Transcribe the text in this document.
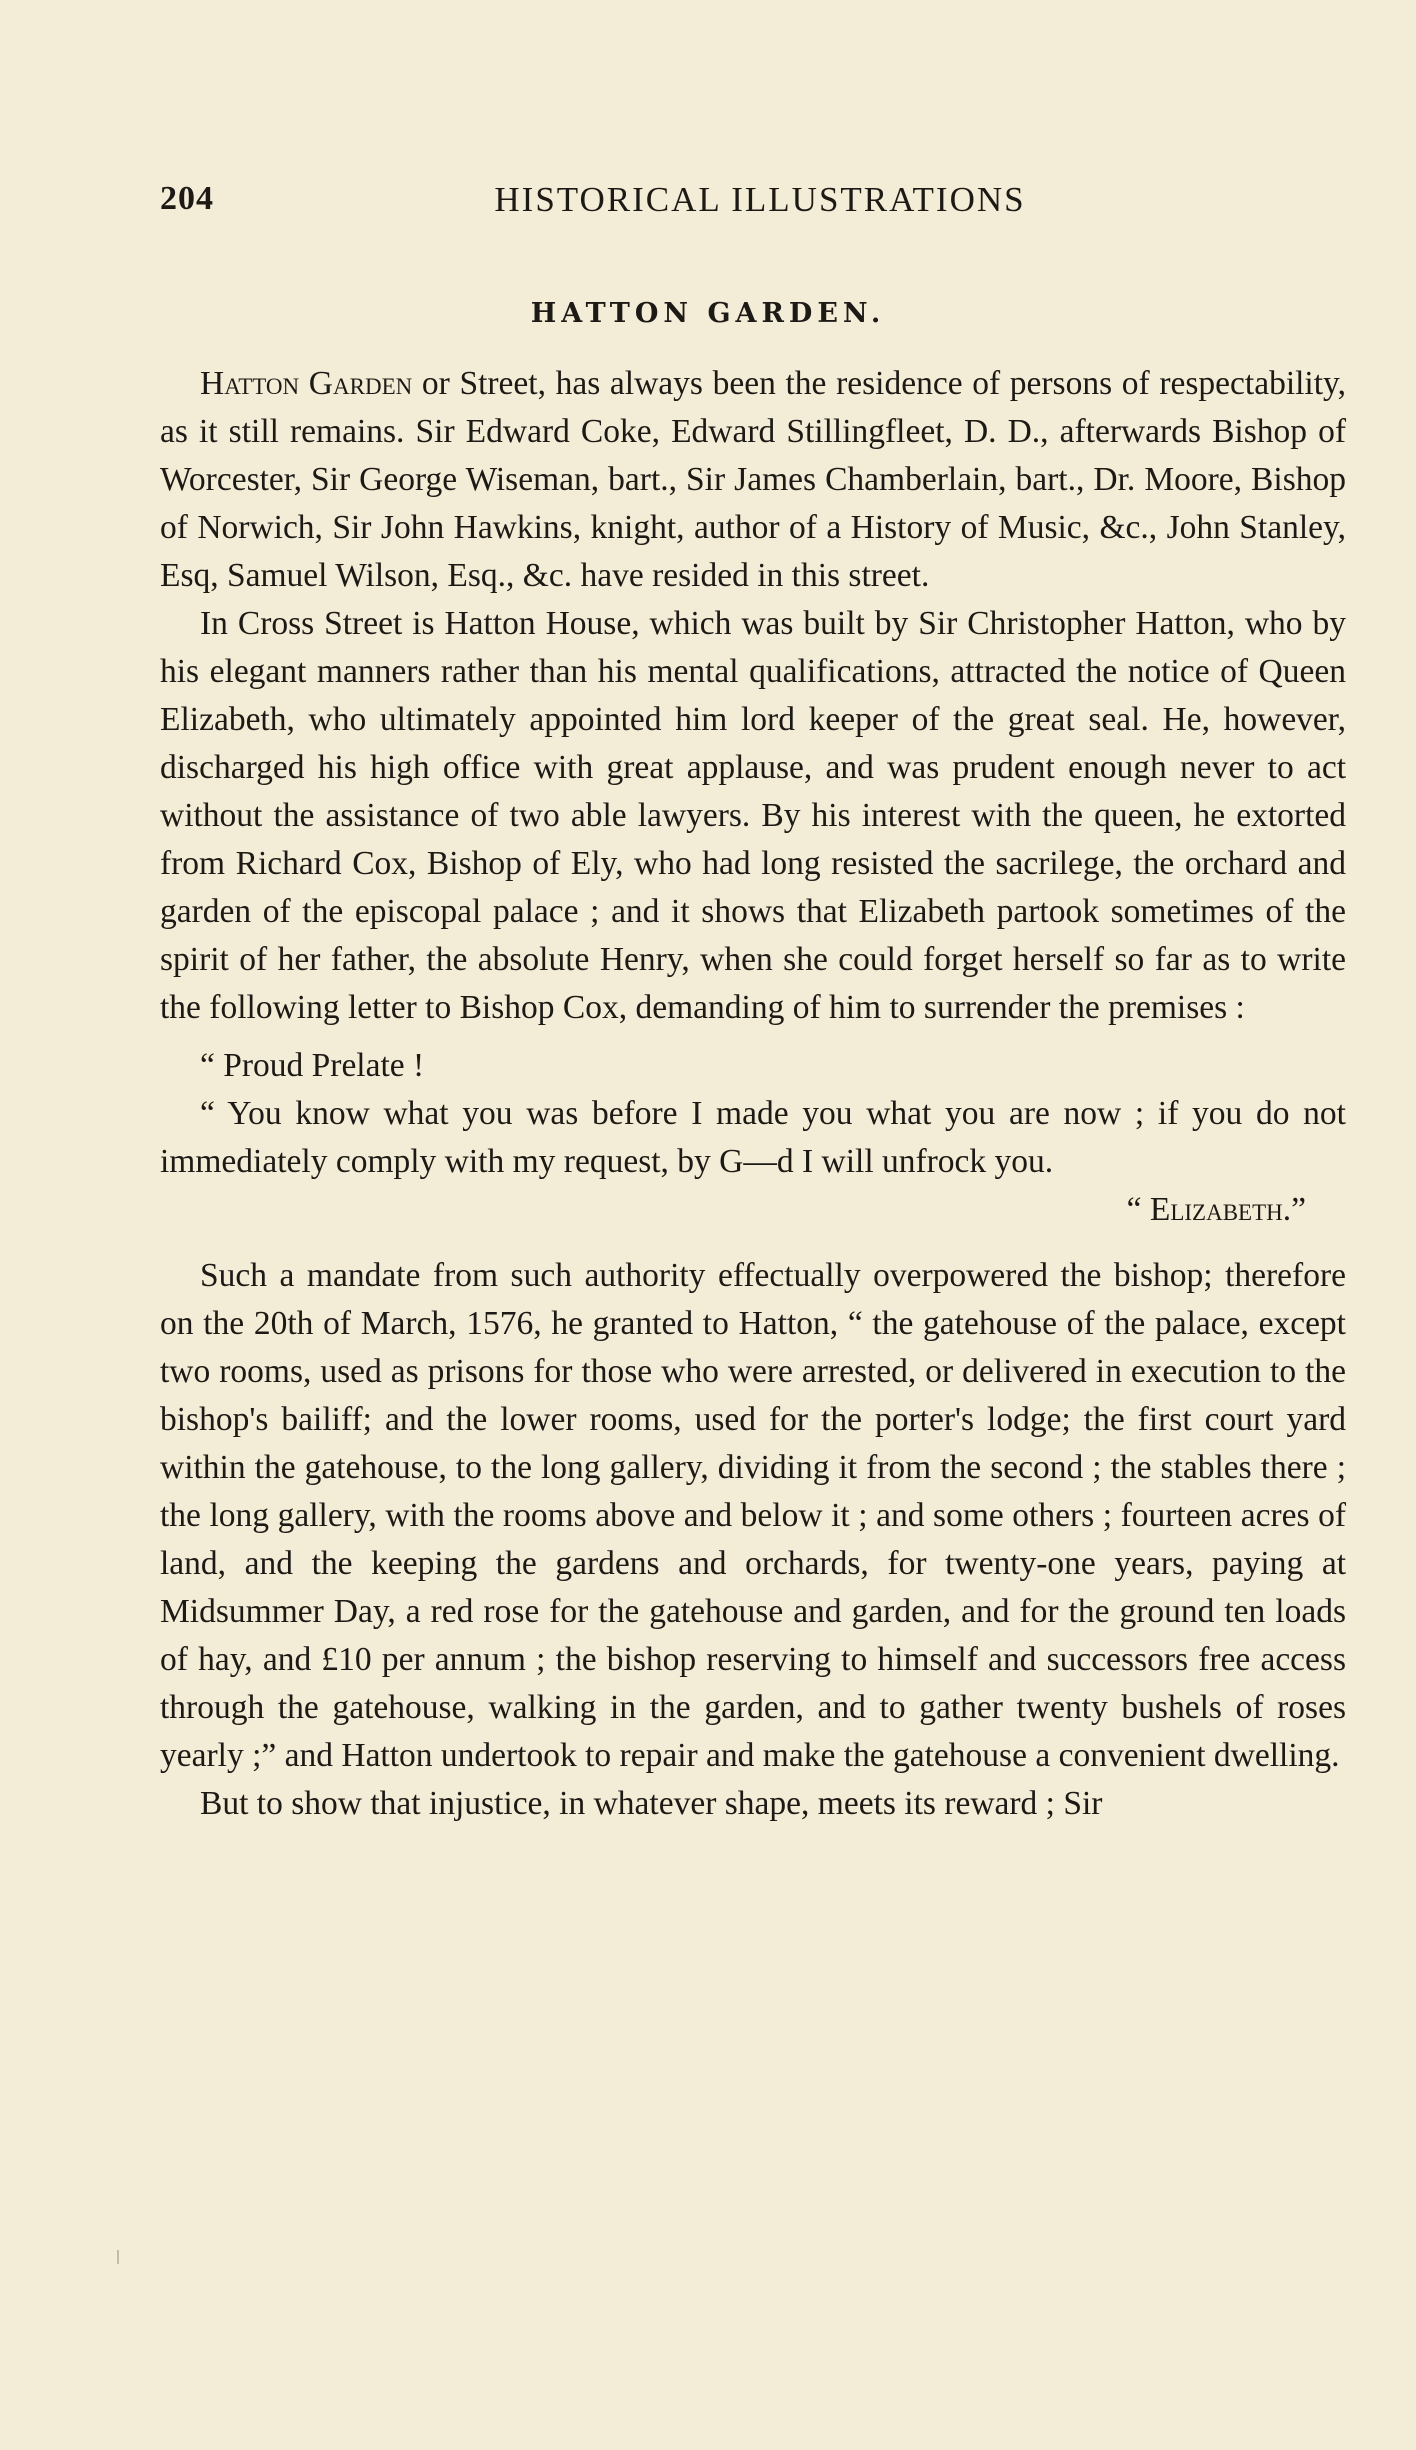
204	HISTORICAL ILLUSTRATIONS
HATTON GARDEN.

Hatton Garden or Street, has always been the residence of persons of respectability, as it still remains. Sir Edward Coke, Edward Stillingfleet, D. D., afterwards Bishop of Worcester, Sir George Wiseman, bart., Sir James Chamberlain, bart., Dr. Moore, Bishop of Norwich, Sir John Hawkins, knight, author of a History of Music, &c., John Stanley, Esq, Samuel Wilson, Esq., &c. have resided in this street.

In Cross Street is Hatton House, which was built by Sir Christopher Hatton, who by his elegant manners rather than his mental qualifications, attracted the notice of Queen Elizabeth, who ultimately appointed him lord keeper of the great seal. He, however, discharged his high office with great applause, and was prudent enough never to act without the assistance of two able lawyers. By his interest with the queen, he extorted from Richard Cox, Bishop of Ely, who had long resisted the sacrilege, the orchard and garden of the episcopal palace ; and it shows that Elizabeth partook sometimes of the spirit of her father, the absolute Henry, when she could forget herself so far as to write the following letter to Bishop Cox, demanding of him to surrender the premises :

“ Proud Prelate !

“ You know what you was before I made you what you are now ; if you do not immediately comply with my request, by G—d I will unfrock you.

“ Elizabeth.”

Such a mandate from such authority effectually overpowered the bishop; therefore on the 20th of March, 1576, he granted to Hatton, “ the gatehouse of the palace, except two rooms, used as prisons for those who were arrested, or delivered in execution to the bishop's bailiff; and the lower rooms, used for the porter's lodge; the first court yard within the gatehouse, to the long gallery, dividing it from the second ; the stables there ; the long gallery, with the rooms above and below it ; and some others ; fourteen acres of land, and the keeping the gardens and orchards, for twenty-one years, paying at Midsummer Day, a red rose for the gatehouse and garden, and for the ground ten loads of hay, and £10 per annum ; the bishop reserving to himself and successors free access through the gatehouse, walking in the garden, and to gather twenty bushels of roses yearly ;” and Hatton undertook to repair and make the gatehouse a convenient dwelling.

But to show that injustice, in whatever shape, meets its reward ; Sir
